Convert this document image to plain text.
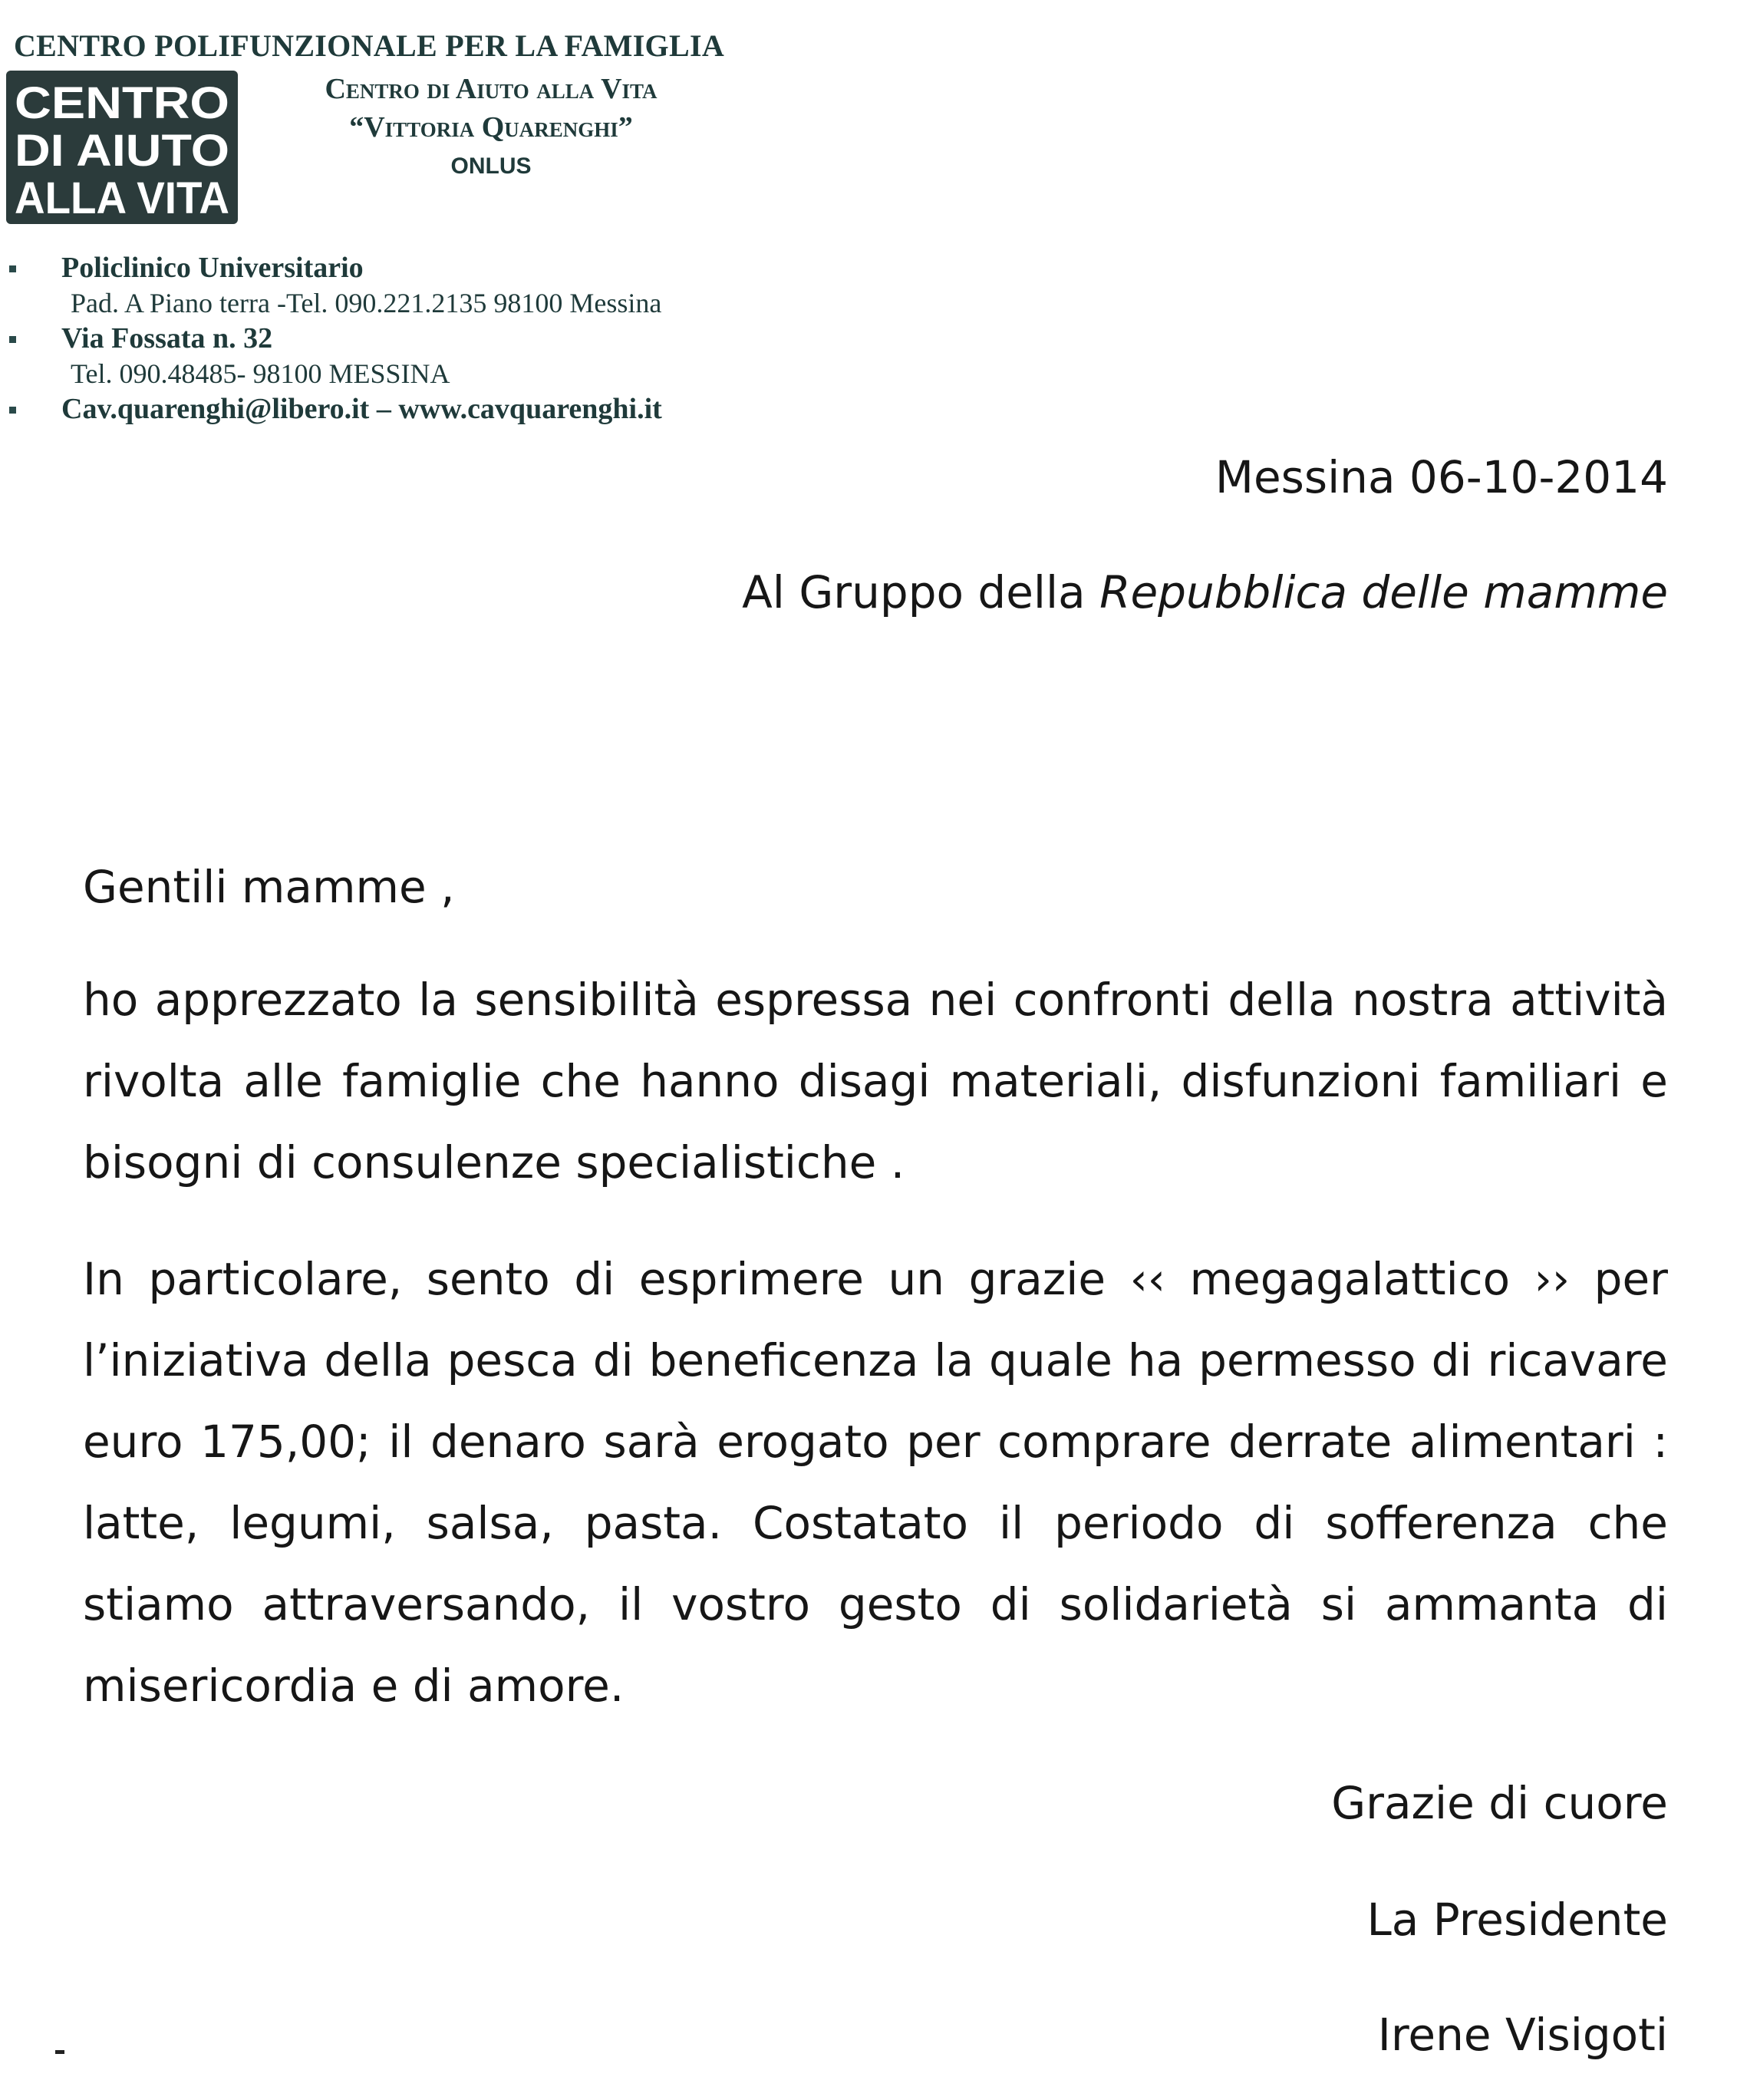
CENTRO POLIFUNZIONALE PER LA FAMIGLIA
CENTRO
DI AIUTO
ALLA VITA
Centro di Aiuto alla Vita
“Vittoria Quarenghi”
ONLUS
Policlinico Universitario
Pad. A Piano terra -Tel. 090.221.2135 98100 Messina
Via Fossata n. 32
Tel. 090.48485- 98100 MESSINA
Cav.quarenghi@libero.it – www.cavquarenghi.it
Messina 06-10-2014
Al Gruppo della Repubblica delle mamme
Gentili mamme ,
ho apprezzato la sensibilità espressa nei confronti della nostra attività rivolta alle famiglie che hanno disagi materiali, disfunzioni familiari e bisogni di consulenze specialistiche .
In particolare, sento di esprimere un grazie ‹‹ megagalattico ›› per l’iniziativa della pesca di beneficenza la quale ha permesso di ricavare euro 175,00; il denaro sarà erogato per comprare derrate alimentari : latte, legumi, salsa, pasta. Costatato il periodo di sofferenza che stiamo attraversando, il vostro gesto di solidarietà si ammanta di misericordia e di amore.
Grazie di cuore
La Presidente
Irene Visigoti
